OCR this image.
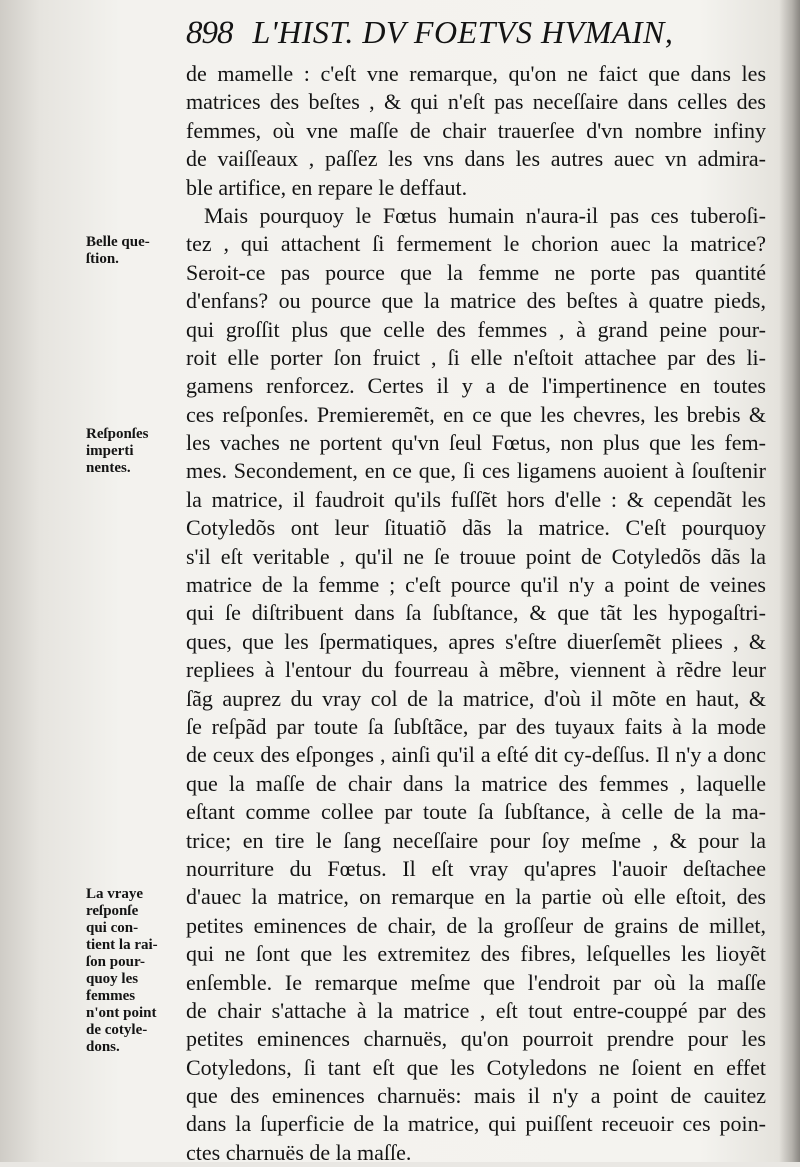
898 L'HIST. DV FOETVS HVMAIN,
Belle que-
ſtion.
Reſponſes
imperti
nentes.
La vraye
reſponſe
qui con-
tient la rai-
ſon pour-
quoy les
femmes
n'ont point
de cotyle-
dons.
de mamelle : c'eſt vne remarque, qu'on ne faict que dans les
matrices des beſtes , & qui n'eſt pas neceſſaire dans celles des
femmes, où vne maſſe de chair trauerſee d'vn nombre infiny
de vaiſſeaux , paſſez les vns dans les autres auec vn admira-
ble artifice, en repare le deffaut.
Mais pourquoy le Fœtus humain n'aura-il pas ces tuberoſi-
tez , qui attachent ſi fermement le chorion auec la matrice?
Seroit-ce pas pource que la femme ne porte pas quantité
d'enfans? ou pource que la matrice des beſtes à quatre pieds,
qui groſſit plus que celle des femmes , à grand peine pour-
roit elle porter ſon fruict , ſi elle n'eſtoit attachee par des li-
gamens renforcez. Certes il y a de l'impertinence en toutes
ces reſponſes. Premieremẽt, en ce que les chevres, les brebis &
les vaches ne portent qu'vn ſeul Fœtus, non plus que les fem-
mes. Secondement, en ce que, ſi ces ligamens auoient à ſouſtenir
la matrice, il faudroit qu'ils fuſſẽt hors d'elle : & cependãt les
Cotyledõs ont leur ſituatiõ dãs la matrice. C'eſt pourquoy
s'il eſt veritable , qu'il ne ſe trouue point de Cotyledõs dãs la
matrice de la femme ; c'eſt pource qu'il n'y a point de veines
qui ſe diſtribuent dans ſa ſubſtance, & que tãt les hypogaſtri-
ques, que les ſpermatiques, apres s'eſtre diuerſemẽt pliees , &
repliees à l'entour du fourreau à mẽbre, viennent à rẽdre leur
ſãg auprez du vray col de la matrice, d'où il mõte en haut, &
ſe reſpãd par toute ſa ſubſtãce, par des tuyaux faits à la mode
de ceux des eſponges , ainſi qu'il a eſté dit cy-deſſus. Il n'y a donc
que la maſſe de chair dans la matrice des femmes , laquelle
eſtant comme collee par toute ſa ſubſtance, à celle de la ma-
trice; en tire le ſang neceſſaire pour ſoy meſme , & pour la
nourriture du Fœtus. Il eſt vray qu'apres l'auoir deſtachee
d'auec la matrice, on remarque en la partie où elle eſtoit, des
petites eminences de chair, de la groſſeur de grains de millet,
qui ne ſont que les extremitez des fibres, leſquelles les lioyẽt
enſemble. Ie remarque meſme que l'endroit par où la maſſe
de chair s'attache à la matrice , eſt tout entre-couppé par des
petites eminences charnuës, qu'on pourroit prendre pour les
Cotyledons, ſi tant eſt que les Cotyledons ne ſoient en effet
que des eminences charnuës: mais il n'y a point de cauitez
dans la ſuperficie de la matrice, qui puiſſent receuoir ces poin-
ctes charnuës de la maſſe.
